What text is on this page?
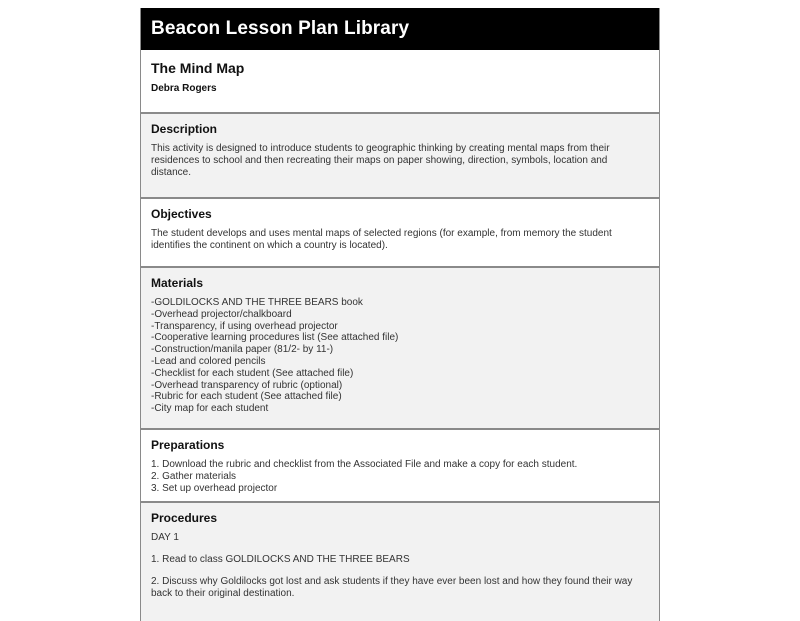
Beacon Lesson Plan Library
The Mind Map

Debra Rogers

Description

This activity is designed to introduce students to geographic thinking by creating mental maps from their residences to school and then recreating their maps on paper showing, direction, symbols, location and distance.

Objectives

The student develops and uses mental maps of selected regions (for example, from memory the student identifies the continent on which a country is located).

Materials
-GOLDILOCKS AND THE THREE BEARS book
-Overhead projector/chalkboard
-Transparency, if using overhead projector
-Cooperative learning procedures list (See attached file)
-Construction/manila paper (81/2- by 11-)
-Lead and colored pencils
-Checklist for each student (See attached file)
-Overhead transparency of rubric (optional)
-Rubric for each student (See attached file)
-City map for each student
Preparations
1. Download the rubric and checklist from the Associated File and make a copy for each student.
2. Gather materials
3. Set up overhead projector
Procedures

DAY 1

1. Read to class GOLDILOCKS AND THE THREE BEARS

2. Discuss why Goldilocks got lost and ask students if they have ever been lost and how they found their way back to their original destination.
